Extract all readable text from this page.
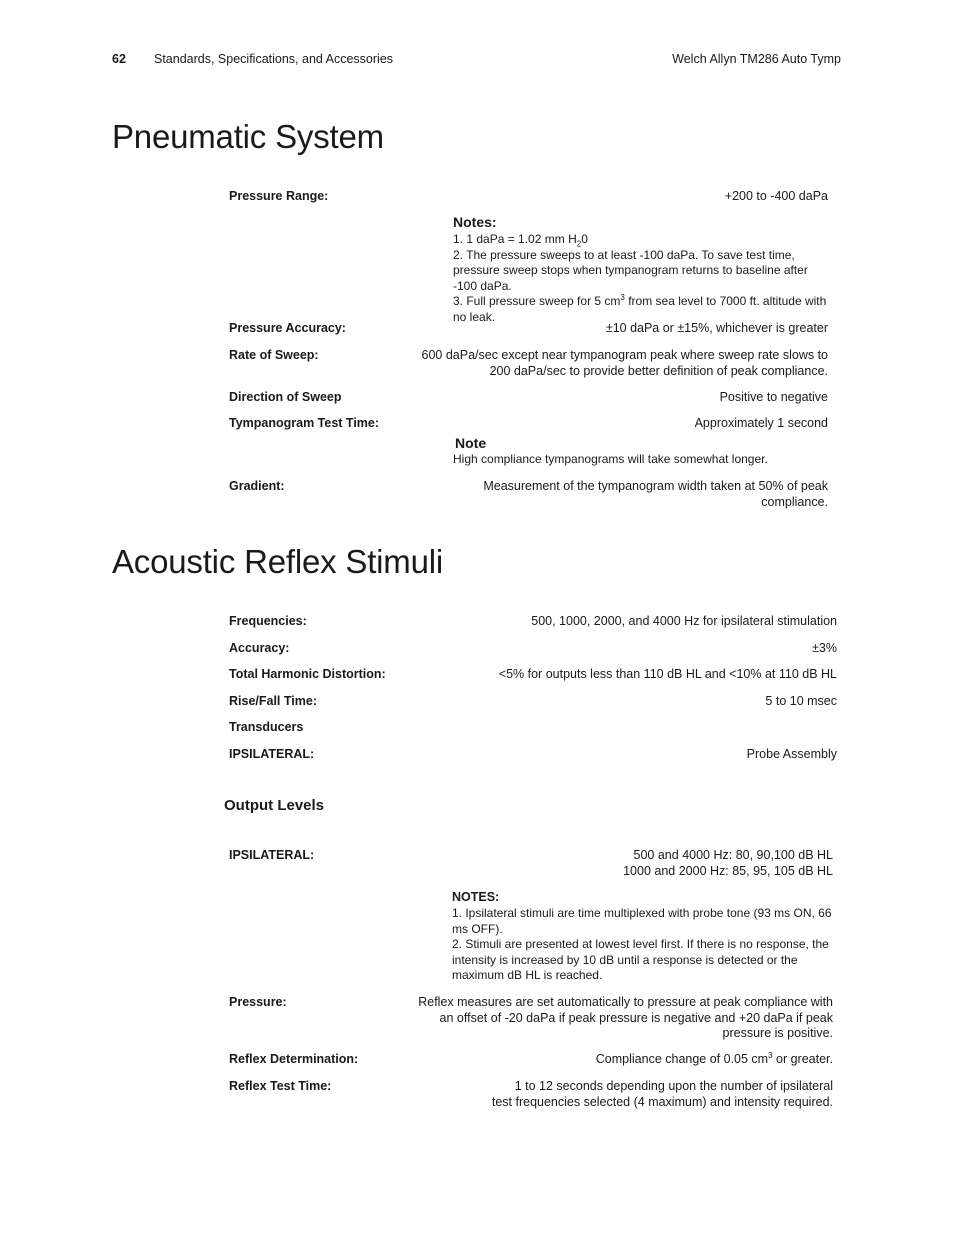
62 Standards, Specifications, and Accessories	Welch Allyn TM286 Auto Tymp
Pneumatic System
Pressure Range:	+200 to -400 daPa
Notes:
1. 1 daPa = 1.02 mm $H_20$
2. The pressure sweeps to at least -100 daPa. To save test time, pressure sweep stops when tympanogram returns to baseline after -100 daPa.
3. Full pressure sweep for 5 $cm^3$ from sea level to 7000 ft. altitude with no leak.
Pressure Accuracy:	±10 daPa or ±15%, whichever is greater
Rate of Sweep:	600 daPa/sec except near tympanogram peak where sweep rate slows to
200 daPa/sec to provide better definition of peak compliance.
Direction of Sweep	Positive to negative
Tympanogram Test Time:	Approximately 1 second
Note
High compliance tympanograms will take somewhat longer.
Gradient:	Measurement of the tympanogram width taken at 50% of peak
compliance.
Acoustic Reflex Stimuli
Frequencies:	500, 1000, 2000, and 4000 Hz for ipsilateral stimulation
Accuracy:	±3%
Total Harmonic Distortion:	<5% for outputs less than 110 dB HL and <10% at 110 dB HL
Rise/Fall Time:	5 to 10 msec
Transducers
IPSILATERAL:	Probe Assembly
Output Levels
IPSILATERAL:	500 and 4000 Hz: 80, 90,100 dB HL
1000 and 2000 Hz: 85, 95, 105 dB HL
NOTES:
1. Ipsilateral stimuli are time multiplexed with probe tone (93 ms ON, 66 ms OFF).
2. Stimuli are presented at lowest level first. If there is no response, the intensity is increased by 10 dB until a response is detected or the maximum dB HL is reached.
Pressure:	Reflex measures are set automatically to pressure at peak compliance with
an offset of -20 daPa if peak pressure is negative and +20 daPa if peak
pressure is positive.
Reflex Determination:	Compliance change of 0.05 $cm^3$ or greater.
Reflex Test Time:	1 to 12 seconds depending upon the number of ipsilateral
test frequencies selected (4 maximum) and intensity required.
